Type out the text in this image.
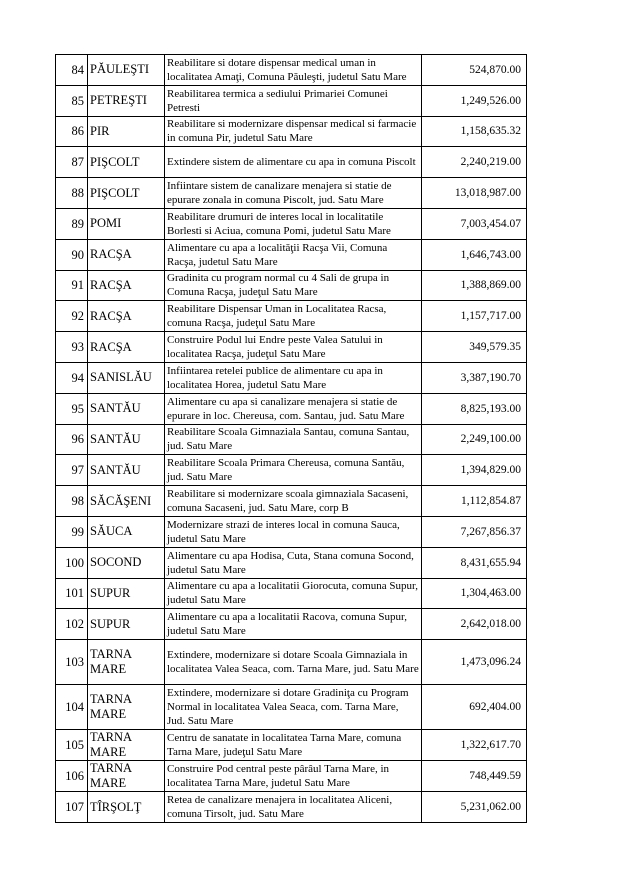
84	PĂULEŞTI	Reabilitare si dotare dispensar medical uman in localitatea Amaţi, Comuna Păuleşti, judetul Satu Mare	524,870.00
85	PETREŞTI	Reabilitarea termica a sediului Primariei Comunei Petresti	1,249,526.00
86	PIR	Reabilitare si modernizare dispensar medical si farmacie in comuna Pir, judetul Satu Mare	1,158,635.32
87	PIŞCOLT	Extindere sistem de alimentare cu apa in comuna Piscolt	2,240,219.00
88	PIŞCOLT	Infiintare sistem de canalizare menajera si statie de epurare zonala in comuna Piscolt, jud. Satu Mare	13,018,987.00
89	POMI	Reabilitare drumuri de interes local in localitatile Borlesti si Aciua, comuna Pomi, judetul Satu Mare	7,003,454.07
90	RACŞA	Alimentare cu apa a localităţii Racşa Vii, Comuna Racşa, judetul Satu Mare	1,646,743.00
91	RACŞA	Gradinita cu program normal cu 4 Sali de grupa in Comuna Racşa, judeţul Satu Mare	1,388,869.00
92	RACŞA	Reabilitare Dispensar Uman in Localitatea Racsa, comuna Racşa, judeţul Satu Mare	1,157,717.00
93	RACŞA	Construire Podul lui Endre peste Valea Satului in localitatea Racşa, judeţul Satu Mare	349,579.35
94	SANISLĂU	Infiintarea retelei publice de alimentare cu apa in localitatea Horea, judetul Satu Mare	3,387,190.70
95	SANTĂU	Alimentare cu apa si canalizare menajera si statie de epurare in loc. Chereusa, com. Santau, jud. Satu Mare	8,825,193.00
96	SANTĂU	Reabilitare Scoala Gimnaziala Santau, comuna Santau, jud. Satu Mare	2,249,100.00
97	SANTĂU	Reabilitare Scoala Primara Chereusa, comuna Santău, jud. Satu Mare	1,394,829.00
98	SĂCĂŞENI	Reabilitare si modernizare scoala gimnaziala Sacaseni, comuna Sacaseni, jud. Satu Mare, corp B	1,112,854.87
99	SĂUCA	Modernizare strazi de interes local in comuna Sauca, judetul Satu Mare	7,267,856.37
100	SOCOND	Alimentare cu apa Hodisa, Cuta, Stana comuna Socond, judetul Satu Mare	8,431,655.94
101	SUPUR	Alimentare cu apa a localitatii Giorocuta, comuna Supur, judetul Satu Mare	1,304,463.00
102	SUPUR	Alimentare cu apa a localitatii Racova, comuna Supur, judetul Satu Mare	2,642,018.00
103	TARNA MARE	Extindere, modernizare si dotare Scoala Gimnaziala in localitatea Valea Seaca, com. Tarna Mare, jud. Satu Mare	1,473,096.24
104	TARNA MARE	Extindere, modernizare si dotare Gradiniţa cu Program Normal in localitatea Valea Seaca, com. Tarna Mare, Jud. Satu Mare	692,404.00
105	TARNA MARE	Centru de sanatate in localitatea Tarna Mare, comuna Tarna Mare, judeţul Satu Mare	1,322,617.70
106	TARNA MARE	Construire Pod central peste pârâul Tarna Mare, in localitatea Tarna Mare, judetul Satu Mare	748,449.59
107	TÎRŞOLŢ	Retea de canalizare menajera in localitatea Aliceni, comuna Tirsolt, jud. Satu Mare	5,231,062.00
